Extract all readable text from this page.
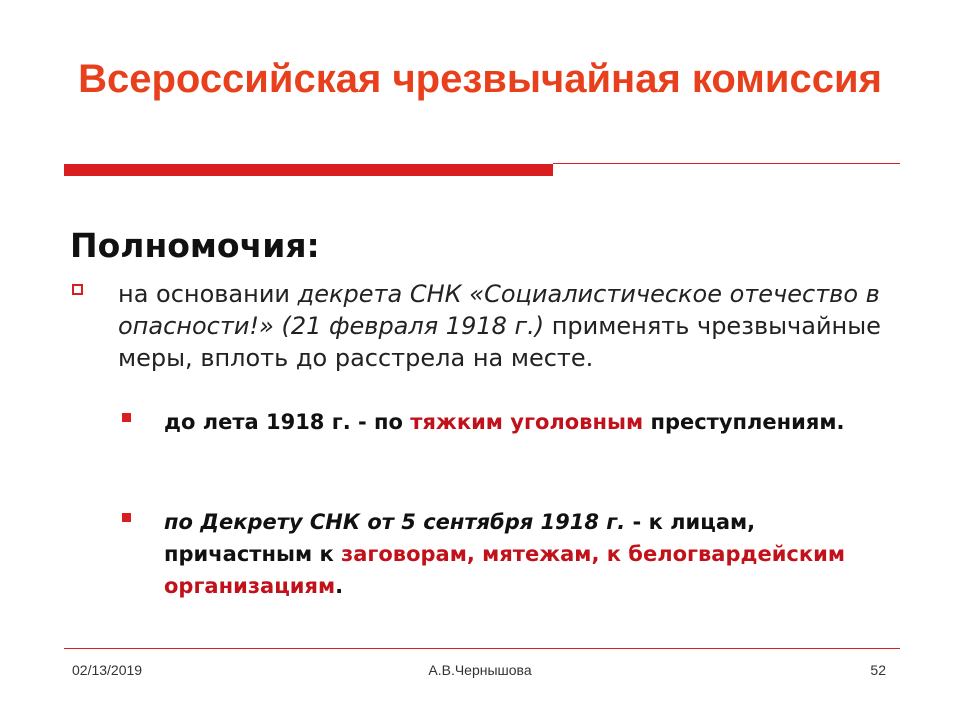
Всероссийская чрезвычайная комиссия
Полномочия:
на основании декрета СНК «Социалистическое отечество в опасности!» (21 февраля 1918 г.) применять чрезвычайные меры, вплоть до расстрела на месте.
до лета 1918 г. - по тяжким уголовным преступлениям.
по Декрету СНК от 5 сентября 1918 г. - к лицам, причастным к заговорам, мятежам, к белогвардейским организациям.
02/13/2019	А.В.Чернышова	52
